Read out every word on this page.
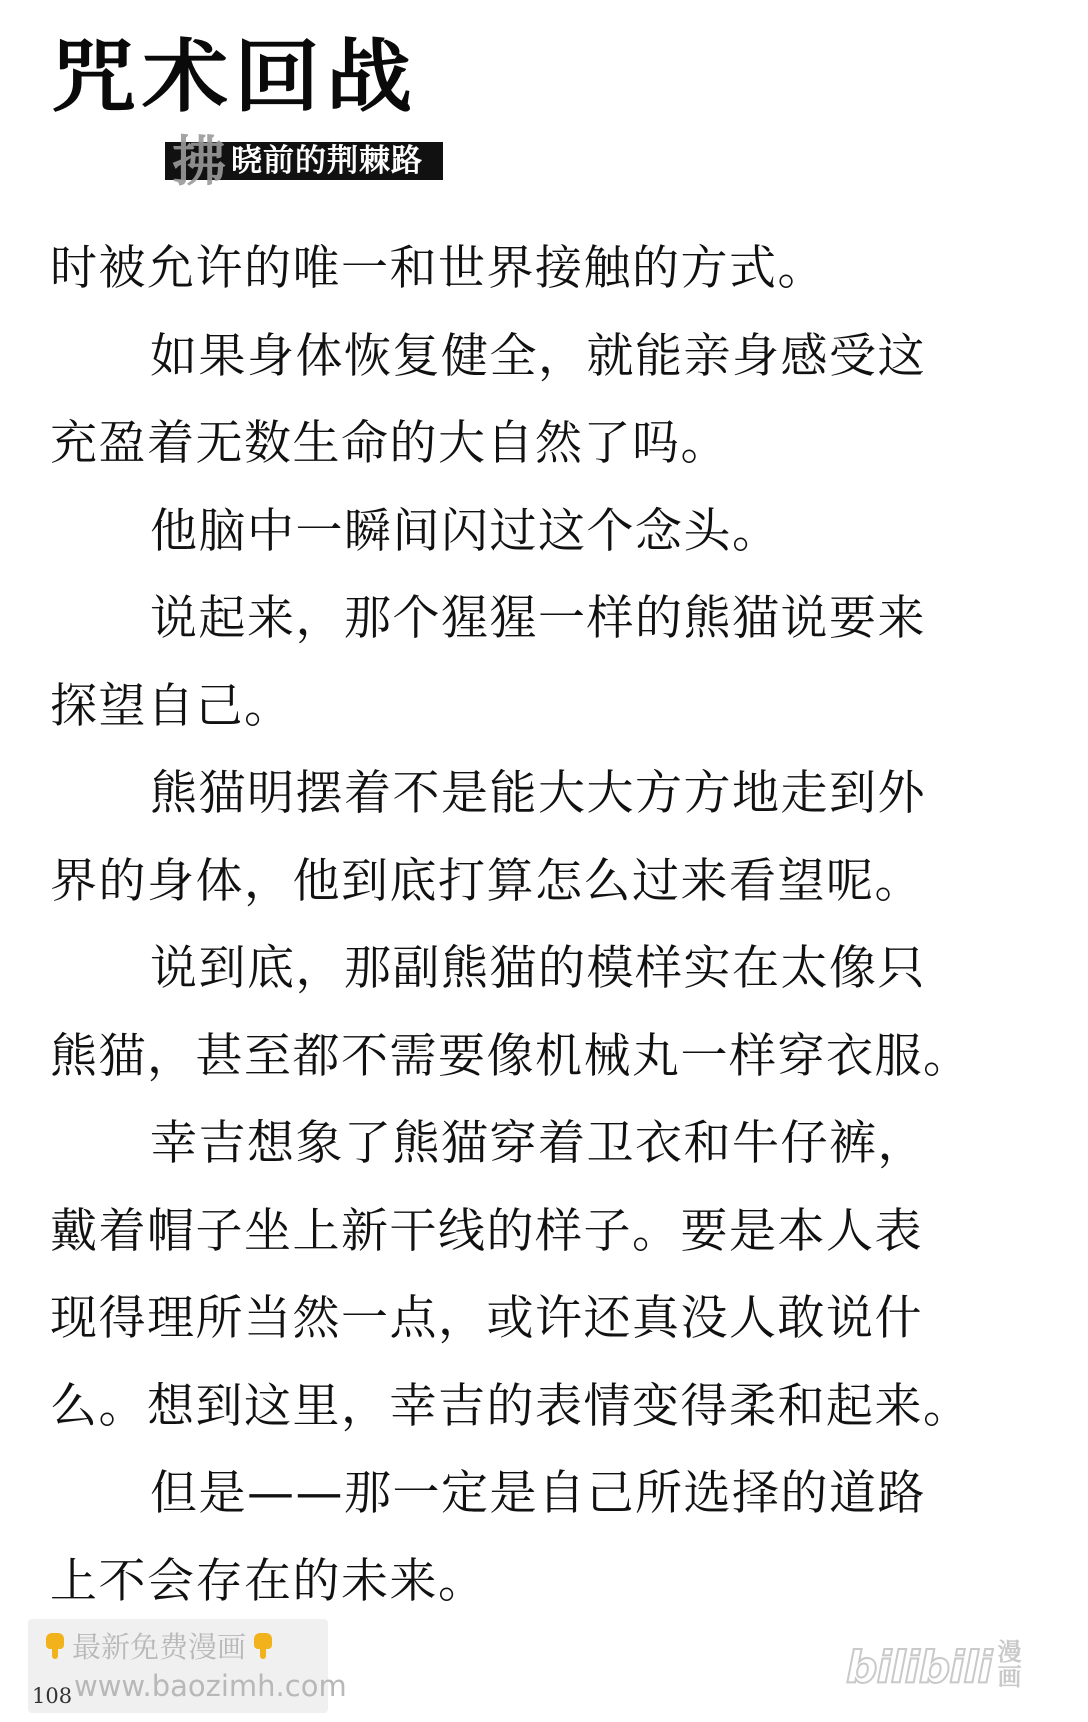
咒术回战
晓前的荆棘路
拂
时被允许的唯一和世界接触的方式。
如果身体恢复健全，就能亲身感受这
充盈着无数生命的大自然了吗。
他脑中一瞬间闪过这个念头。
说起来，那个猩猩一样的熊猫说要来
探望自己。
熊猫明摆着不是能大大方方地走到外
界的身体，他到底打算怎么过来看望呢。
说到底，那副熊猫的模样实在太像只
熊猫，甚至都不需要像机械丸一样穿衣服。
幸吉想象了熊猫穿着卫衣和牛仔裤，
戴着帽子坐上新干线的样子。要是本人表
现得理所当然一点，或许还真没人敢说什
么。想到这里，幸吉的表情变得柔和起来。
但是——那一定是自己所选择的道路
上不会存在的未来。
最新免费漫画
www.baozimh.com
108
bilibili 漫
画
